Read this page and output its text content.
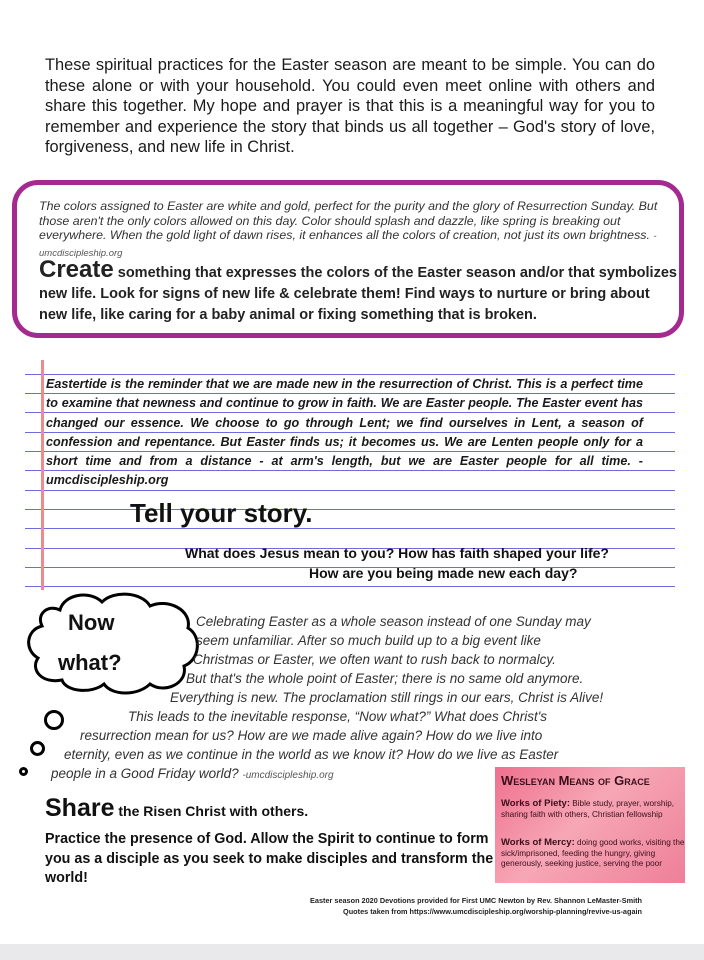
These spiritual practices for the Easter season are meant to be simple. You can do these alone or with your household. You could even meet online with others and share this together. My hope and prayer is that this is a meaningful way for you to remember and experience the story that binds us all together – God's story of love, forgiveness, and new life in Christ.

The colors assigned to Easter are white and gold, perfect for the purity and the glory of Resurrection Sunday. But those aren't the only colors allowed on this day. Color should splash and dazzle, like spring is breaking out everywhere. When the gold light of dawn rises, it enhances all the colors of creation, not just its own brightness. -umcdiscipleship.org
Create something that expresses the colors of the Easter season and/or that symbolizes new life. Look for signs of new life & celebrate them! Find ways to nurture or bring about new life, like caring for a baby animal or fixing something that is broken.
Eastertide is the reminder that we are made new in the resurrection of Christ. This is a perfect time to examine that newness and continue to grow in faith. We are Easter people. The Easter event has changed our essence. We choose to go through Lent; we find ourselves in Lent, a season of confession and repentance. But Easter finds us; it becomes us. We are Lenten people only for a short time and from a distance - at arm's length, but we are Easter people for all time. -umcdiscipleship.org
Tell your story.
What does Jesus mean to you? How has faith shaped your life?
How are you being made new each day?
Now
what?
Celebrating Easter as a whole season instead of one Sunday may
seem unfamiliar. After so much build up to a big event like
Christmas or Easter, we often want to rush back to normalcy.
But that's the whole point of Easter; there is no same old anymore.
Everything is new. The proclamation still rings in our ears, Christ is Alive!
This leads to the inevitable response, “Now what?” What does Christ's
resurrection mean for us? How are we made alive again? How do we live into
eternity, even as we continue in the world as we know it? How do we live as Easter
people in a Good Friday world? -umcdiscipleship.org
Share the Risen Christ with others.
Practice the presence of God. Allow the Spirit to continue to form you as a disciple as you seek to make disciples and transform the world!
Wesleyan Means of Grace
Works of Piety: Bible study, prayer, worship, sharing faith with others, Christian fellowship
Works of Mercy: doing good works, visiting the sick/imprisoned, feeding the hungry, giving generously, seeking justice, serving the poor
Easter season 2020 Devotions provided for First UMC Newton by Rev. Shannon LeMaster-Smith
Quotes taken from https://www.umcdiscipleship.org/worship-planning/revive-us-again
